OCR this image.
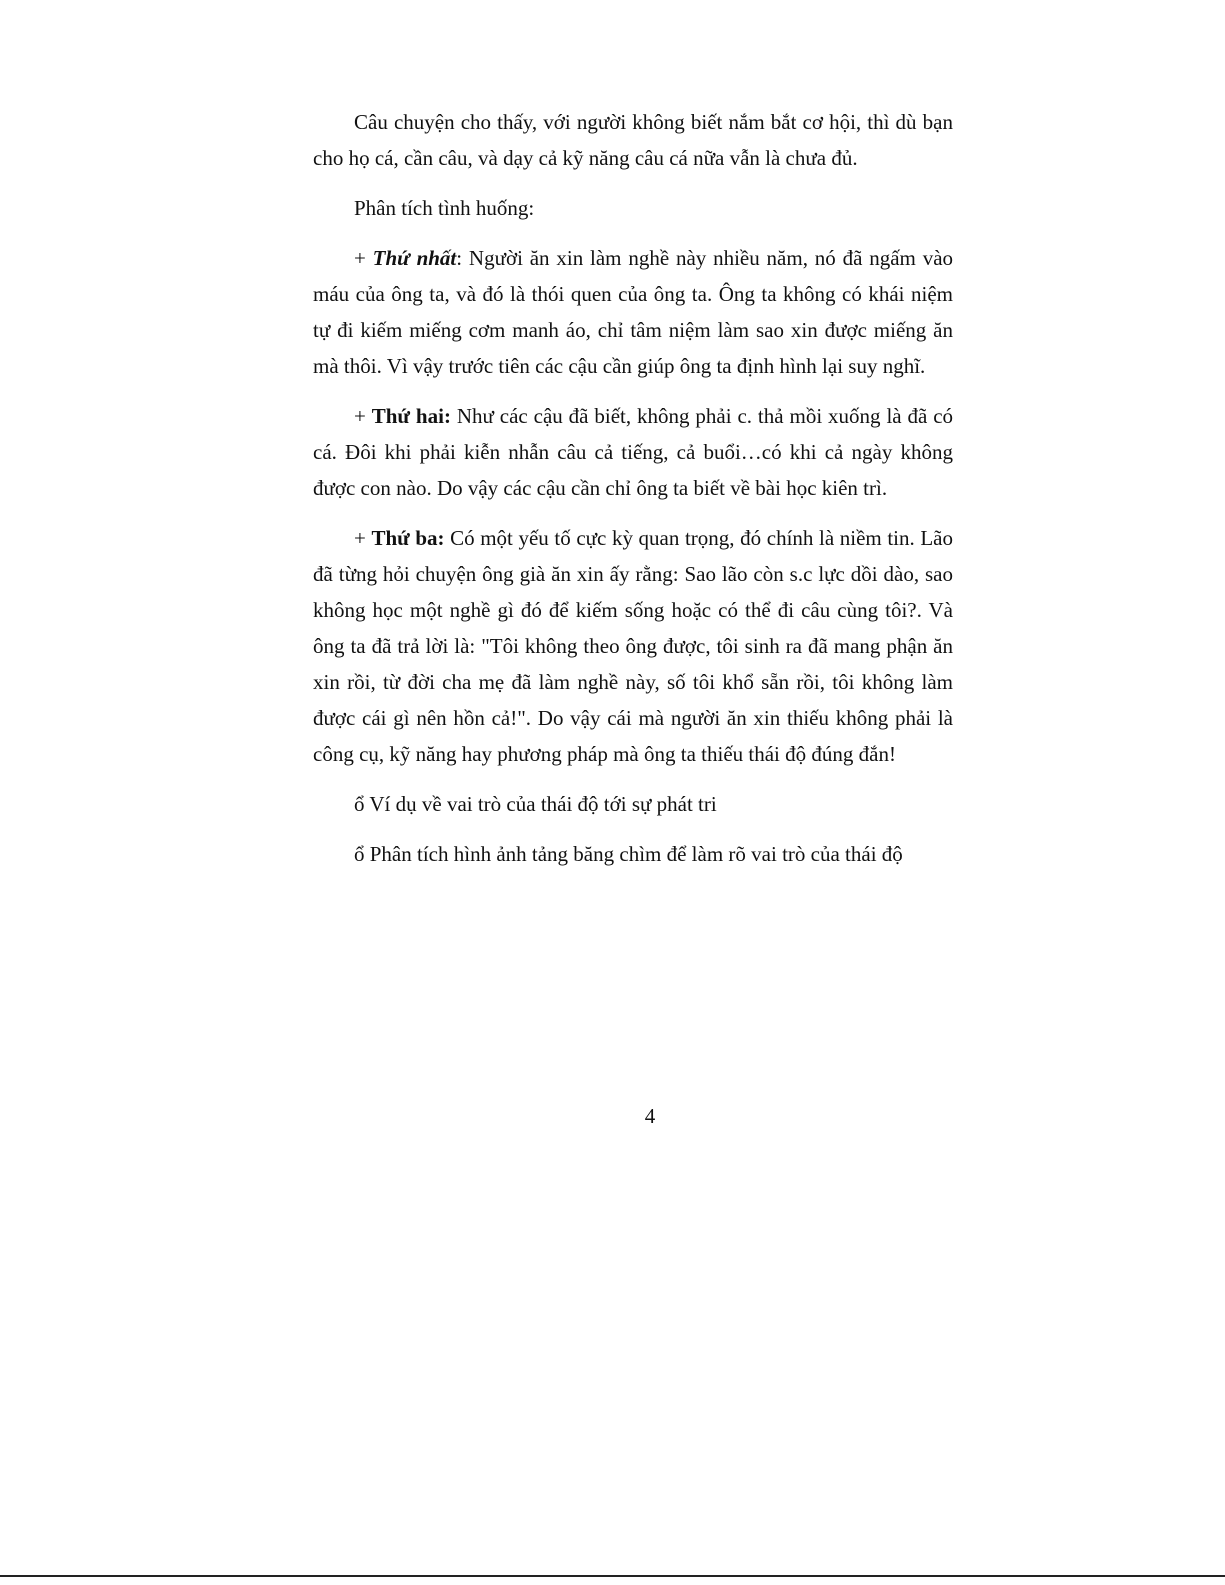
Câu chuyện cho thấy, với người không biết nắm bắt cơ hội, thì dù bạn cho họ cá, cần câu, và dạy cả kỹ năng câu cá nữa vẫn là chưa đủ.

Phân tích tình huống:

+ Thứ nhất: Người ăn xin làm nghề này nhiều năm, nó đã ngấm vào máu của ông ta, và đó là thói quen của ông ta. Ông ta không có khái niệm tự đi kiếm miếng cơm manh áo, chỉ tâm niệm làm sao xin được miếng ăn mà thôi. Vì vậy trước tiên các cậu cần giúp ông ta định hình lại suy nghĩ.

+ Thứ hai: Như các cậu đã biết, không phải c. thả mồi xuống là đã có cá. Đôi khi phải kiễn nhẫn câu cả tiếng, cả buổi…có khi cả ngày không được con nào. Do vậy các cậu cần chỉ ông ta biết về bài học kiên trì.

+ Thứ ba: Có một yếu tố cực kỳ quan trọng, đó chính là niềm tin. Lão đã từng hỏi chuyện ông già ăn xin ấy rằng: Sao lão còn s.c lực dồi dào, sao không học một nghề gì đó để kiếm sống hoặc có thể đi câu cùng tôi?. Và ông ta đã trả lời là: "Tôi không theo ông được, tôi sinh ra đã mang phận ăn xin rồi, từ đời cha mẹ đã làm nghề này, số tôi khổ sẵn rồi, tôi không làm được cái gì nên hồn cả!". Do vậy cái mà người ăn xin thiếu không phải là công cụ, kỹ năng hay phương pháp mà ông ta thiếu thái độ đúng đắn!

ổ Ví dụ về vai trò của thái độ tới sự phát tri

ổ Phân tích hình ảnh tảng băng chìm để làm rõ vai trò của thái độ

4
